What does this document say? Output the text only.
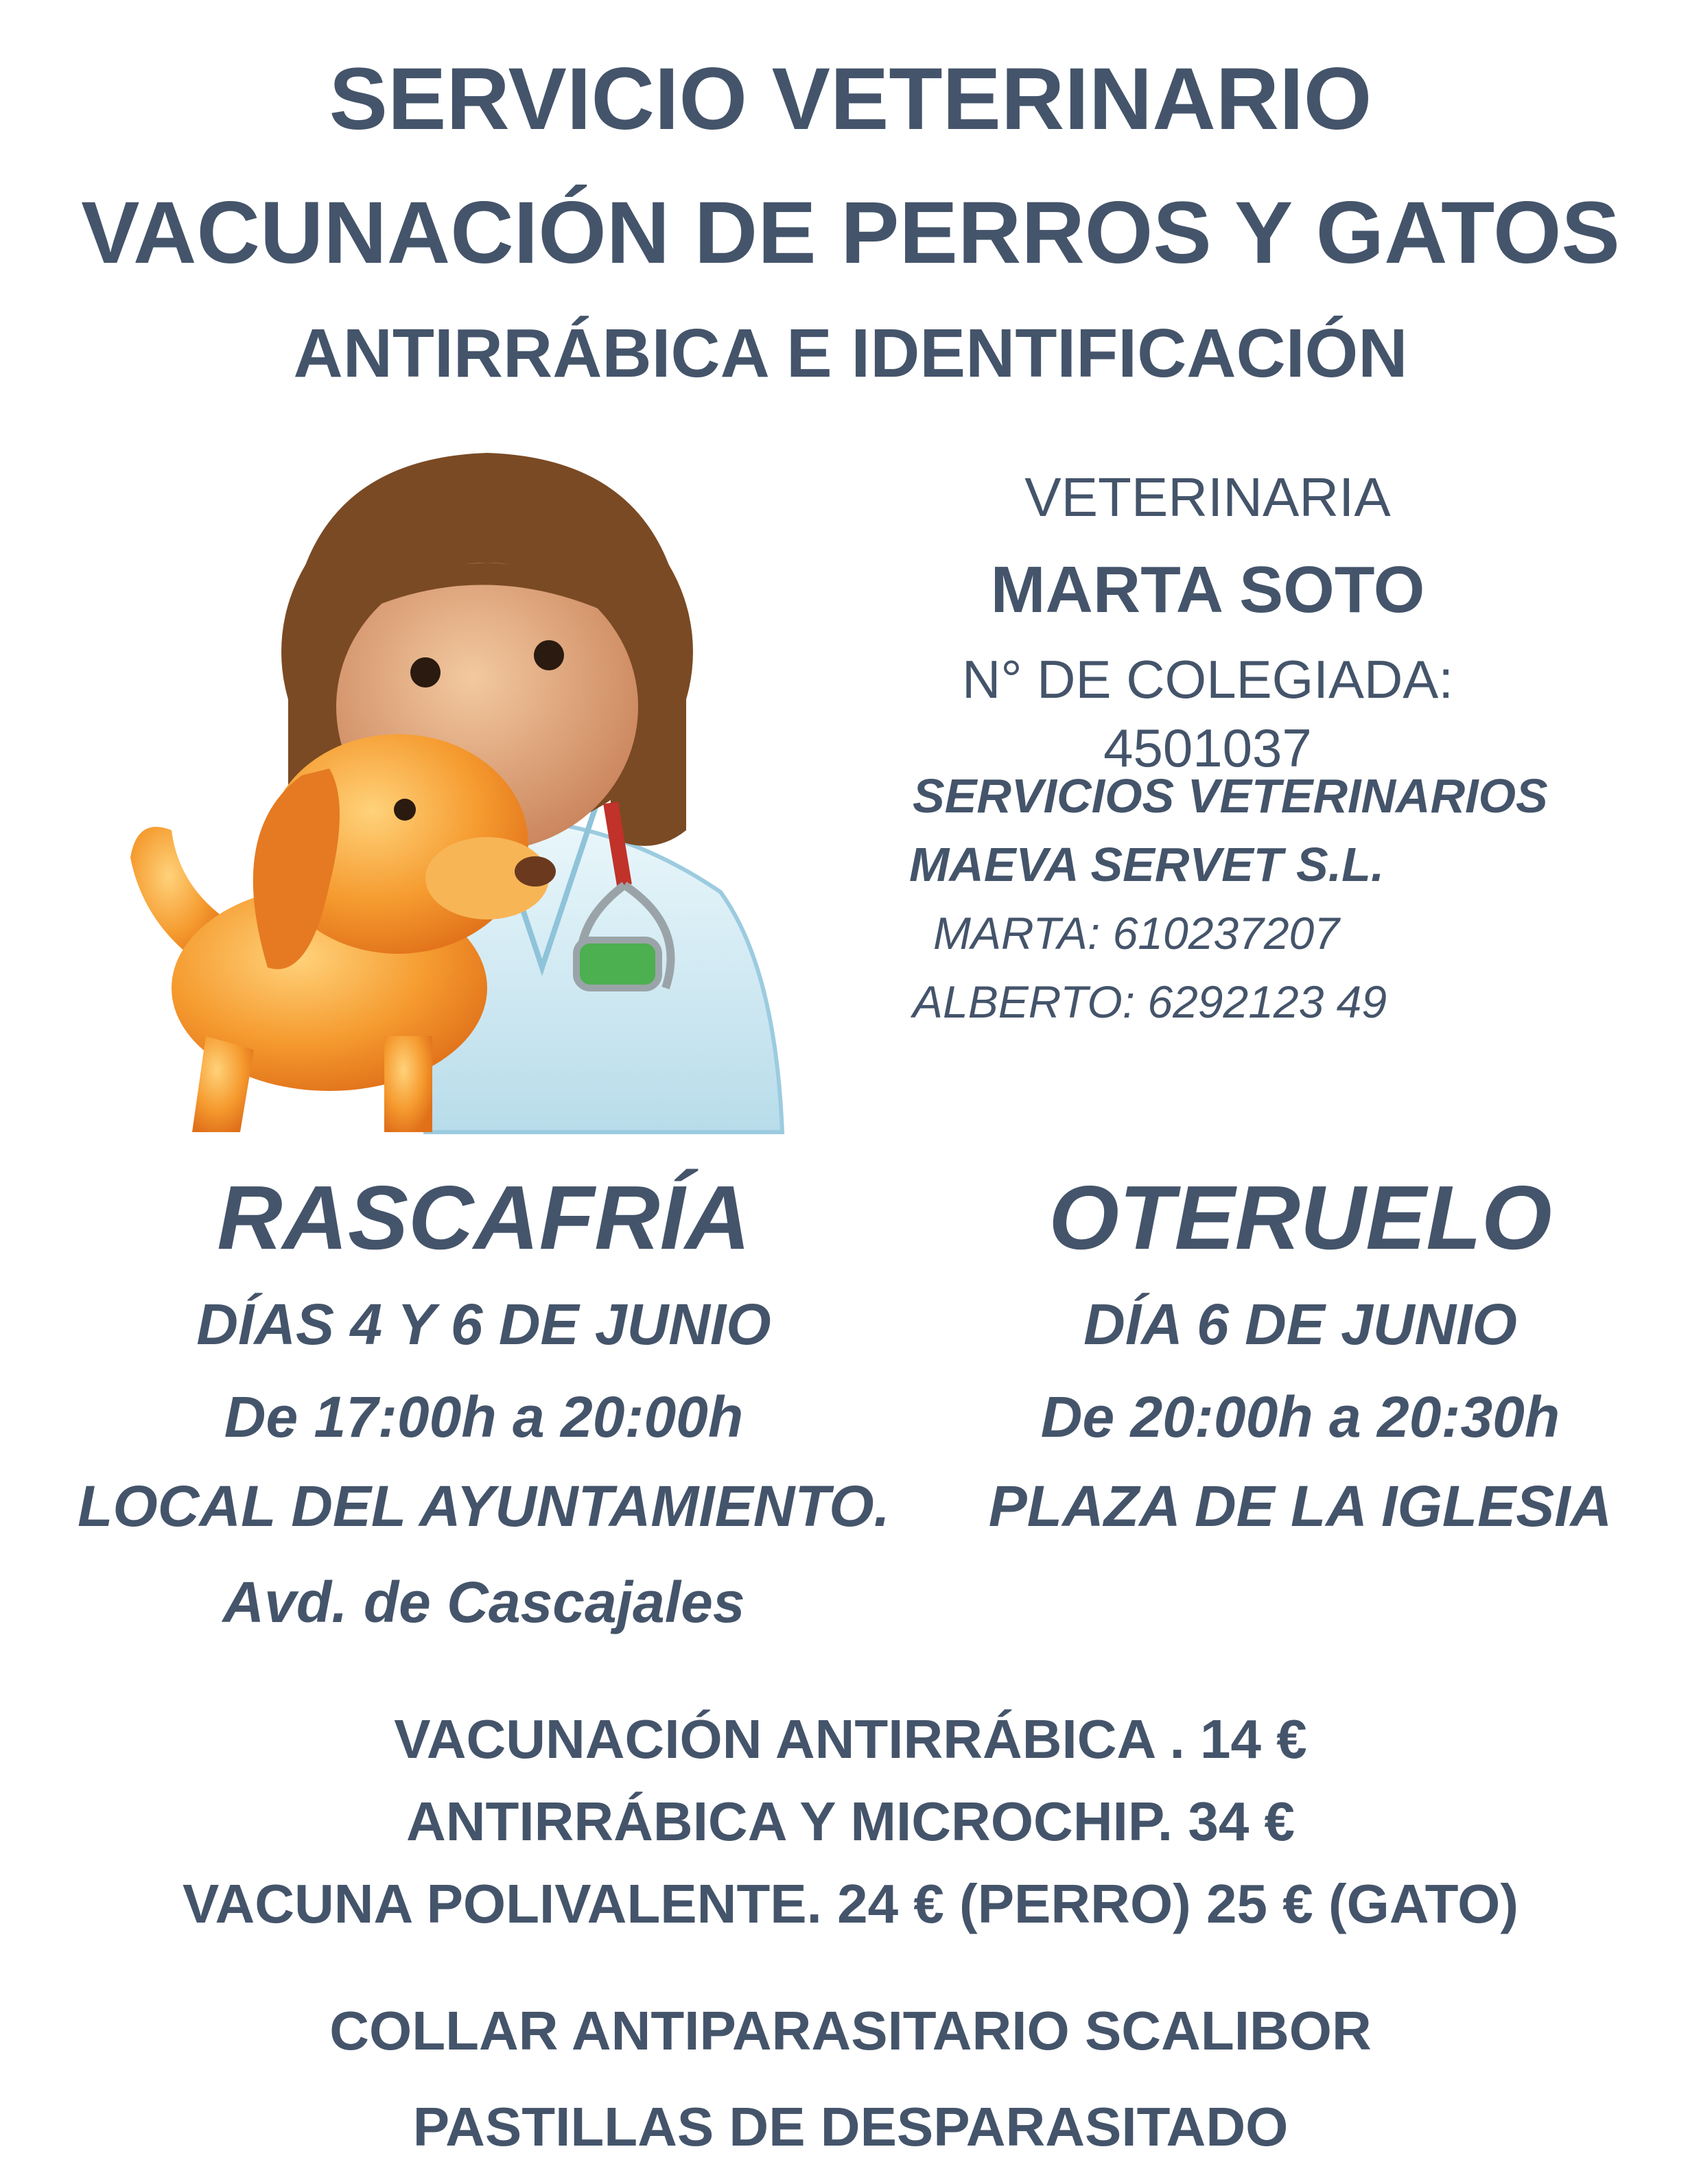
SERVICIO VETERINARIO
VACUNACIÓN DE PERROS Y GATOS
ANTIRRÁBICA E IDENTIFICACIÓN
VETERINARIA
MARTA SOTO
N° DE COLEGIADA: 4501037
SERVICIOS VETERINARIOS
MAEVA SERVET S.L.
MARTA: 610237207
ALBERTO: 6292123 49
RASCAFRÍA
DÍAS 4 Y 6 DE JUNIO
De 17:00h a 20:00h
LOCAL DEL AYUNTAMIENTO.
Avd. de Cascajales
OTERUELO
DÍA 6 DE JUNIO
De 20:00h a 20:30h
PLAZA DE LA IGLESIA
VACUNACIÓN ANTIRRÁBICA . 14 €
ANTIRRÁBICA Y MICROCHIP. 34 €
VACUNA POLIVALENTE. 24 € (PERRO) 25 € (GATO)
COLLAR ANTIPARASITARIO SCALIBOR
PASTILLAS DE DESPARASITADO
